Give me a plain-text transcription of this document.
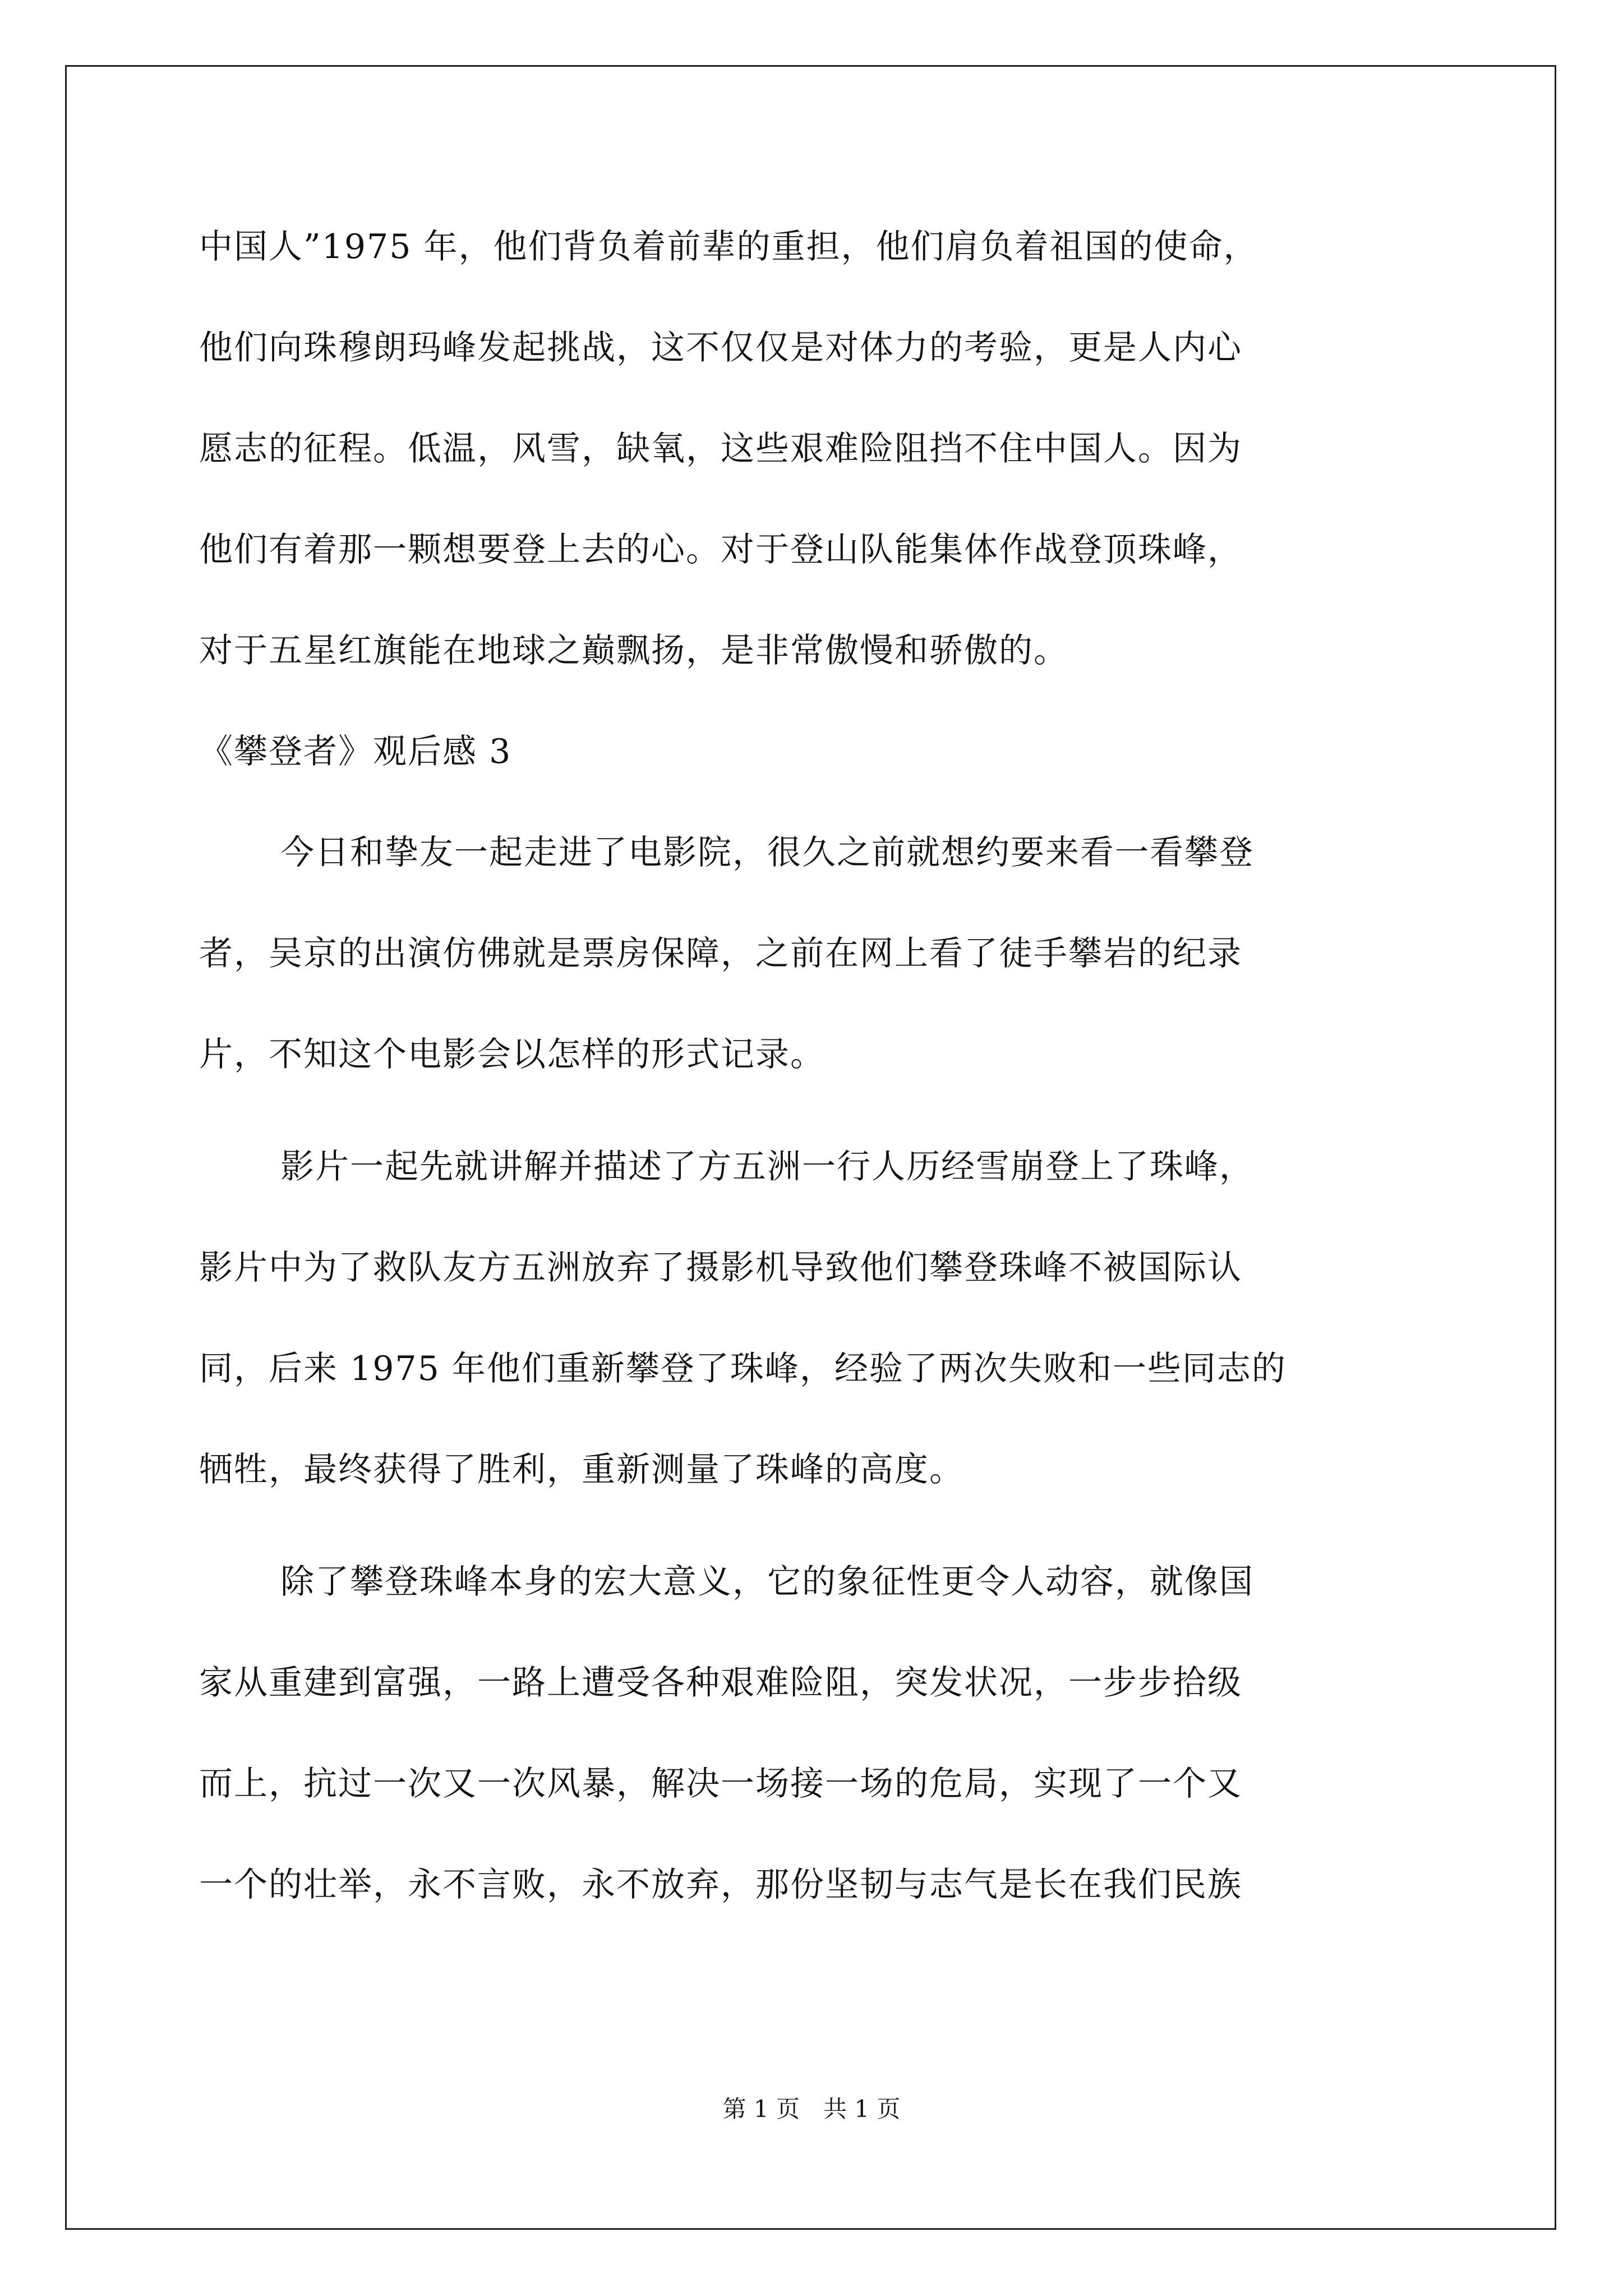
中国人”1975 年，他们背负着前辈的重担，他们肩负着祖国的使命，
他们向珠穆朗玛峰发起挑战，这不仅仅是对体力的考验，更是人内心
愿志的征程。低温，风雪，缺氧，这些艰难险阻挡不住中国人。因为
他们有着那一颗想要登上去的心。对于登山队能集体作战登顶珠峰，
对于五星红旗能在地球之巅飘扬，是非常傲慢和骄傲的。
《攀登者》观后感 3
今日和挚友一起走进了电影院，很久之前就想约要来看一看攀登
者，吴京的出演仿佛就是票房保障，之前在网上看了徒手攀岩的纪录
片，不知这个电影会以怎样的形式记录。
影片一起先就讲解并描述了方五洲一行人历经雪崩登上了珠峰，
影片中为了救队友方五洲放弃了摄影机导致他们攀登珠峰不被国际认
同，后来 1975 年他们重新攀登了珠峰，经验了两次失败和一些同志的
牺牲，最终获得了胜利，重新测量了珠峰的高度。
除了攀登珠峰本身的宏大意义，它的象征性更令人动容，就像国
家从重建到富强，一路上遭受各种艰难险阻，突发状况，一步步拾级
而上，抗过一次又一次风暴，解决一场接一场的危局，实现了一个又
一个的壮举，永不言败，永不放弃，那份坚韧与志气是长在我们民族
第 1 页　共 1 页
